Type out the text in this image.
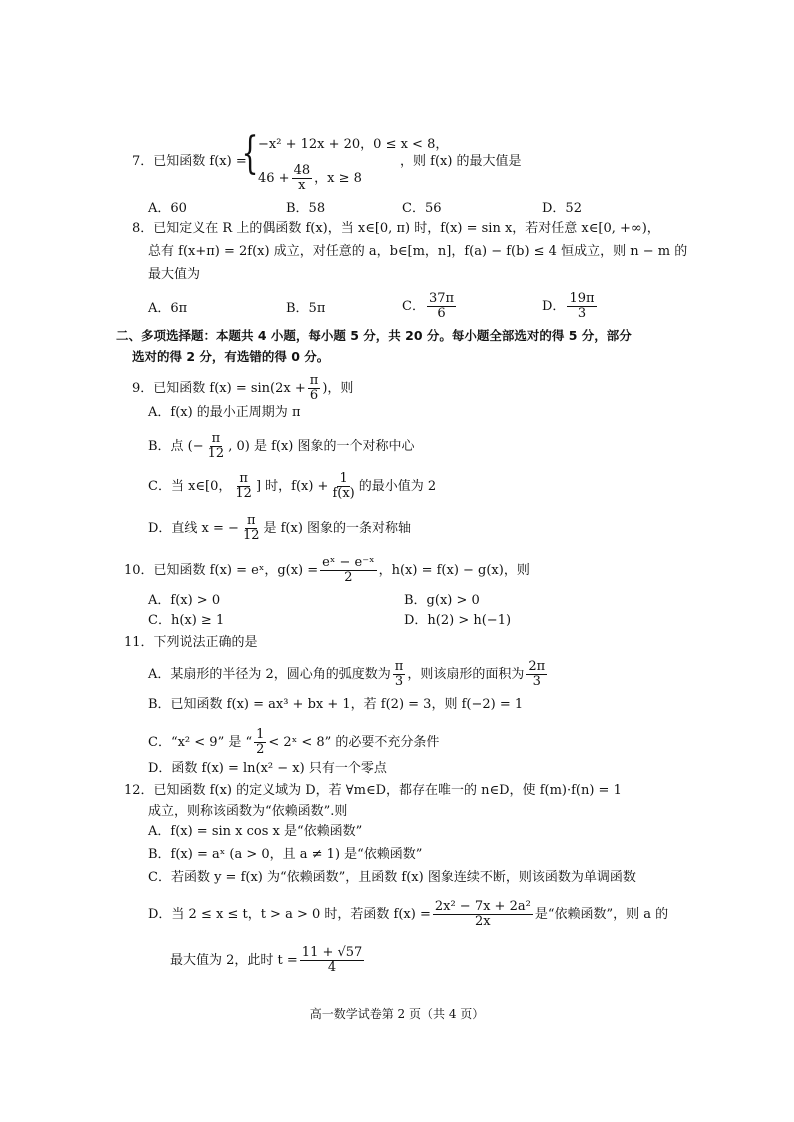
7．已知函数 f(x) =
{ −x² + 12x + 20，0 ≤ x < 8，
$46 + \frac{48}{x}$ ，x ≥ 8
，则 f(x) 的最大值是
A．60	B．58	C．56	D．52
8．已知定义在 R 上的偶函数 f(x)，当 x∈[0, π) 时，f(x) = sin x，若对任意 x∈[0, +∞)，
总有 f(x+π) = 2f(x) 成立，对任意的 a，b∈[m，n]，f(a) − f(b) ≤ 4 恒成立，则 n − m 的
最大值为
A．6π	B．5π	C． $\frac{37\pi}{6}$	D． $\frac{19\pi}{3}$
二、多项选择题：本题共 4 小题，每小题 5 分，共 20 分。每小题全部选对的得 5 分，部分
选对的得 2 分，有选错的得 0 分。
9．已知函数 $f(x) = \sin(2x + \frac{\pi}{6}$ )，则
A．f(x) 的最小正周期为 π
B．点 (− $\frac{\pi}{12}$ , 0) 是 f(x) 图象的一个对称中心
C．当 x∈[0， $\frac{\pi}{12}$ ] 时，$f(x) + \frac{1}{f(x)}$ 的最小值为 2
D．直线 x = − $\frac{\pi}{12}$ 是 f(x) 图象的一条对称轴
10．已知函数 f(x) = eˣ，$g(x) = \frac{\text{eˣ − e⁻ˣ}}{2}$ ，h(x) = f(x) − g(x)，则
A．f(x) > 0	B．g(x) > 0
C．h(x) ≥ 1	D．h(2) > h(−1)
11．下列说法正确的是
A．某扇形的半径为 2，圆心角的弧度数为 $\frac{\pi}{3}$ ，则该扇形的面积为 $\frac{2\pi}{3}$
B．已知函数 f(x) = ax³ + bx + 1，若 f(2) = 3，则 f(−2) = 1
C．“x² < 9” 是 “ $\frac{1}{2}$ < 2ˣ < 8” 的必要不充分条件
D．函数 f(x) = ln(x² − x) 只有一个零点
12．已知函数 f(x) 的定义域为 D，若 ∀m∈D，都存在唯一的 n∈D，使 f(m)·f(n) = 1
成立，则称该函数为“依赖函数”.则
A．f(x) = sin x cos x 是“依赖函数”
B．f(x) = aˣ (a > 0，且 a ≠ 1) 是“依赖函数”
C．若函数 y = f(x) 为“依赖函数”，且函数 f(x) 图象连续不断，则该函数为单调函数
D．当 2 ≤ x ≤ t，t > a > 0 时，若函数 $f(x) = \frac{\text{2x² − 7x + 2a²}}{2x}$ 是“依赖函数”，则 a 的
最大值为 2，此时 $t = \frac{11 + √57}{4}$
高一数学试卷第 2 页（共 4 页）
